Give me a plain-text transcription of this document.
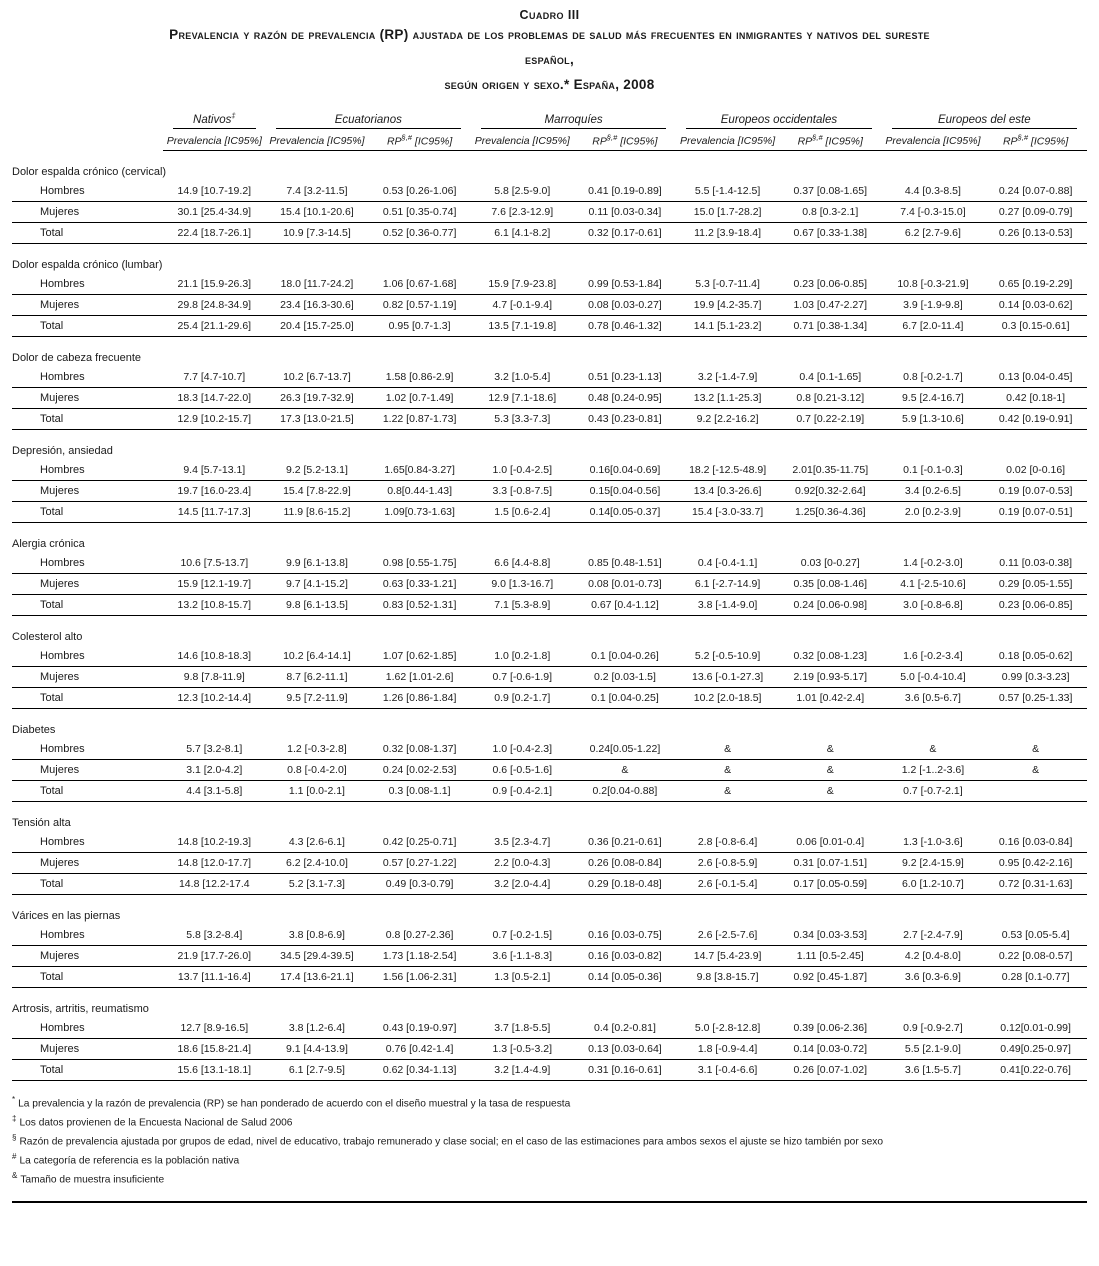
Cuadro III
Prevalencia y razón de prevalencia (RP) ajustada de los problemas de salud más frecuentes en inmigrantes y nativos del sureste
español,
según origen y sexo.* España, 2008

	Nativos‡	Ecuatorianos		Marroquíes		Europeos occidentales		Europeos del este	

	Prevalencia [IC95%]	Prevalencia [IC95%]	RP§,# [IC95%]	Prevalencia [IC95%]	RP§,# [IC95%]	Prevalencia [IC95%]	RP§,# [IC95%]	Prevalencia [IC95%]	RP§,# [IC95%]
Dolor espalda crónico (cervical)									
Hombres	14.9 [10.7-19.2]	7.4 [3.2-11.5]	0.53 [0.26-1.06]	5.8 [2.5-9.0]	0.41 [0.19-0.89]	5.5 [-1.4-12.5]	0.37 [0.08-1.65]	4.4 [0.3-8.5]	0.24 [0.07-0.88]
Mujeres	30.1 [25.4-34.9]	15.4 [10.1-20.6]	0.51 [0.35-0.74]	7.6 [2.3-12.9]	0.11 [0.03-0.34]	15.0 [1.7-28.2]	0.8 [0.3-2.1]	7.4 [-0.3-15.0]	0.27 [0.09-0.79]
Total	22.4 [18.7-26.1]	10.9 [7.3-14.5]	0.52 [0.36-0.77]	6.1 [4.1-8.2]	0.32 [0.17-0.61]	11.2 [3.9-18.4]	0.67 [0.33-1.38]	6.2 [2.7-9.6]	0.26 [0.13-0.53]
Dolor espalda crónico (lumbar)									
Hombres	21.1 [15.9-26.3]	18.0 [11.7-24.2]	1.06 [0.67-1.68]	15.9 [7.9-23.8]	0.99 [0.53-1.84]	5.3 [-0.7-11.4]	0.23 [0.06-0.85]	10.8 [-0.3-21.9]	0.65 [0.19-2.29]
Mujeres	29.8 [24.8-34.9]	23.4 [16.3-30.6]	0.82 [0.57-1.19]	4.7 [-0.1-9.4]	0.08 [0.03-0.27]	19.9 [4.2-35.7]	1.03 [0.47-2.27]	3.9 [-1.9-9.8]	0.14 [0.03-0.62]
Total	25.4 [21.1-29.6]	20.4 [15.7-25.0]	0.95 [0.7-1.3]	13.5 [7.1-19.8]	0.78 [0.46-1.32]	14.1 [5.1-23.2]	0.71 [0.38-1.34]	6.7 [2.0-11.4]	0.3 [0.15-0.61]
Dolor de cabeza frecuente									
Hombres	7.7 [4.7-10.7]	10.2 [6.7-13.7]	1.58 [0.86-2.9]	3.2 [1.0-5.4]	0.51 [0.23-1.13]	3.2 [-1.4-7.9]	0.4 [0.1-1.65]	0.8 [-0.2-1.7]	0.13 [0.04-0.45]
Mujeres	18.3 [14.7-22.0]	26.3 [19.7-32.9]	1.02 [0.7-1.49]	12.9 [7.1-18.6]	0.48 [0.24-0.95]	13.2 [1.1-25.3]	0.8 [0.21-3.12]	9.5 [2.4-16.7]	0.42 [0.18-1]
Total	12.9 [10.2-15.7]	17.3 [13.0-21.5]	1.22 [0.87-1.73]	5.3 [3.3-7.3]	0.43 [0.23-0.81]	9.2 [2.2-16.2]	0.7 [0.22-2.19]	5.9 [1.3-10.6]	0.42 [0.19-0.91]
Depresión, ansiedad									
Hombres	9.4 [5.7-13.1]	9.2 [5.2-13.1]	1.65[0.84-3.27]	1.0 [-0.4-2.5]	0.16[0.04-0.69]	18.2 [-12.5-48.9]	2.01[0.35-11.75]	0.1 [-0.1-0.3]	0.02 [0-0.16]
Mujeres	19.7 [16.0-23.4]	15.4 [7.8-22.9]	0.8[0.44-1.43]	3.3 [-0.8-7.5]	0.15[0.04-0.56]	13.4 [0.3-26.6]	0.92[0.32-2.64]	3.4 [0.2-6.5]	0.19 [0.07-0.53]
Total	14.5 [11.7-17.3]	11.9 [8.6-15.2]	1.09[0.73-1.63]	1.5 [0.6-2.4]	0.14[0.05-0.37]	15.4 [-3.0-33.7]	1.25[0.36-4.36]	2.0 [0.2-3.9]	0.19 [0.07-0.51]
Alergia crónica									
Hombres	10.6 [7.5-13.7]	9.9 [6.1-13.8]	0.98 [0.55-1.75]	6.6 [4.4-8.8]	0.85 [0.48-1.51]	0.4 [-0.4-1.1]	0.03 [0-0.27]	1.4 [-0.2-3.0]	0.11 [0.03-0.38]
Mujeres	15.9 [12.1-19.7]	9.7 [4.1-15.2]	0.63 [0.33-1.21]	9.0 [1.3-16.7]	0.08 [0.01-0.73]	6.1 [-2.7-14.9]	0.35 [0.08-1.46]	4.1 [-2.5-10.6]	0.29 [0.05-1.55]
Total	13.2 [10.8-15.7]	9.8 [6.1-13.5]	0.83 [0.52-1.31]	7.1 [5.3-8.9]	0.67 [0.4-1.12]	3.8 [-1.4-9.0]	0.24 [0.06-0.98]	3.0 [-0.8-6.8]	0.23 [0.06-0.85]
Colesterol alto									
Hombres	14.6 [10.8-18.3]	10.2 [6.4-14.1]	1.07 [0.62-1.85]	1.0 [0.2-1.8]	0.1 [0.04-0.26]	5.2 [-0.5-10.9]	0.32 [0.08-1.23]	1.6 [-0.2-3.4]	0.18 [0.05-0.62]
Mujeres	9.8 [7.8-11.9]	8.7 [6.2-11.1]	1.62 [1.01-2.6]	0.7 [-0.6-1.9]	0.2 [0.03-1.5]	13.6 [-0.1-27.3]	2.19 [0.93-5.17]	5.0 [-0.4-10.4]	0.99 [0.3-3.23]
Total	12.3 [10.2-14.4]	9.5 [7.2-11.9]	1.26 [0.86-1.84]	0.9 [0.2-1.7]	0.1 [0.04-0.25]	10.2 [2.0-18.5]	1.01 [0.42-2.4]	3.6 [0.5-6.7]	0.57 [0.25-1.33]
Diabetes									
Hombres	5.7 [3.2-8.1]	1.2 [-0.3-2.8]	0.32 [0.08-1.37]	1.0 [-0.4-2.3]	0.24[0.05-1.22]	&	&	&	&
Mujeres	3.1 [2.0-4.2]	0.8 [-0.4-2.0]	0.24 [0.02-2.53]	0.6 [-0.5-1.6]	&	&	&	1.2 [-1..2-3.6]	&
Total	4.4 [3.1-5.8]	1.1 [0.0-2.1]	0.3 [0.08-1.1]	0.9 [-0.4-2.1]	0.2[0.04-0.88]	&	&	0.7 [-0.7-2.1]	
Tensión alta									
Hombres	14.8 [10.2-19.3]	4.3 [2.6-6.1]	0.42 [0.25-0.71]	3.5 [2.3-4.7]	0.36 [0.21-0.61]	2.8 [-0.8-6.4]	0.06 [0.01-0.4]	1.3 [-1.0-3.6]	0.16 [0.03-0.84]
Mujeres	14.8 [12.0-17.7]	6.2 [2.4-10.0]	0.57 [0.27-1.22]	2.2 [0.0-4.3]	0.26 [0.08-0.84]	2.6 [-0.8-5.9]	0.31 [0.07-1.51]	9.2 [2.4-15.9]	0.95 [0.42-2.16]
Total	14.8 [12.2-17.4	5.2 [3.1-7.3]	0.49 [0.3-0.79]	3.2 [2.0-4.4]	0.29 [0.18-0.48]	2.6 [-0.1-5.4]	0.17 [0.05-0.59]	6.0 [1.2-10.7]	0.72 [0.31-1.63]
Várices en las piernas									
Hombres	5.8 [3.2-8.4]	3.8 [0.8-6.9]	0.8 [0.27-2.36]	0.7 [-0.2-1.5]	0.16 [0.03-0.75]	2.6 [-2.5-7.6]	0.34 [0.03-3.53]	2.7 [-2.4-7.9]	0.53 [0.05-5.4]
Mujeres	21.9 [17.7-26.0]	34.5 [29.4-39.5]	1.73 [1.18-2.54]	3.6 [-1.1-8.3]	0.16 [0.03-0.82]	14.7 [5.4-23.9]	1.11 [0.5-2.45]	4.2 [0.4-8.0]	0.22 [0.08-0.57]
Total	13.7 [11.1-16.4]	17.4 [13.6-21.1]	1.56 [1.06-2.31]	1.3 [0.5-2.1]	0.14 [0.05-0.36]	9.8 [3.8-15.7]	0.92 [0.45-1.87]	3.6 [0.3-6.9]	0.28 [0.1-0.77]
Artrosis, artritis, reumatismo									
Hombres	12.7 [8.9-16.5]	3.8 [1.2-6.4]	0.43 [0.19-0.97]	3.7 [1.8-5.5]	0.4 [0.2-0.81]	5.0 [-2.8-12.8]	0.39 [0.06-2.36]	0.9 [-0.9-2.7]	0.12[0.01-0.99]
Mujeres	18.6 [15.8-21.4]	9.1 [4.4-13.9]	0.76 [0.42-1.4]	1.3 [-0.5-3.2]	0.13 [0.03-0.64]	1.8 [-0.9-4.4]	0.14 [0.03-0.72]	5.5 [2.1-9.0]	0.49[0.25-0.97]
Total	15.6 [13.1-18.1]	6.1 [2.7-9.5]	0.62 [0.34-1.13]	3.2 [1.4-4.9]	0.31 [0.16-0.61]	3.1 [-0.4-6.6]	0.26 [0.07-1.02]	3.6 [1.5-5.7]	0.41[0.22-0.76]
* La prevalencia y la razón de prevalencia (RP) se han ponderado de acuerdo con el diseño muestral y la tasa de respuesta
‡ Los datos provienen de la Encuesta Nacional de Salud 2006
§ Razón de prevalencia ajustada por grupos de edad, nivel de educativo, trabajo remunerado y clase social; en el caso de las estimaciones para ambos sexos el ajuste se hizo también por sexo
# La categoría de referencia es la población nativa
& Tamaño de muestra insuficiente
